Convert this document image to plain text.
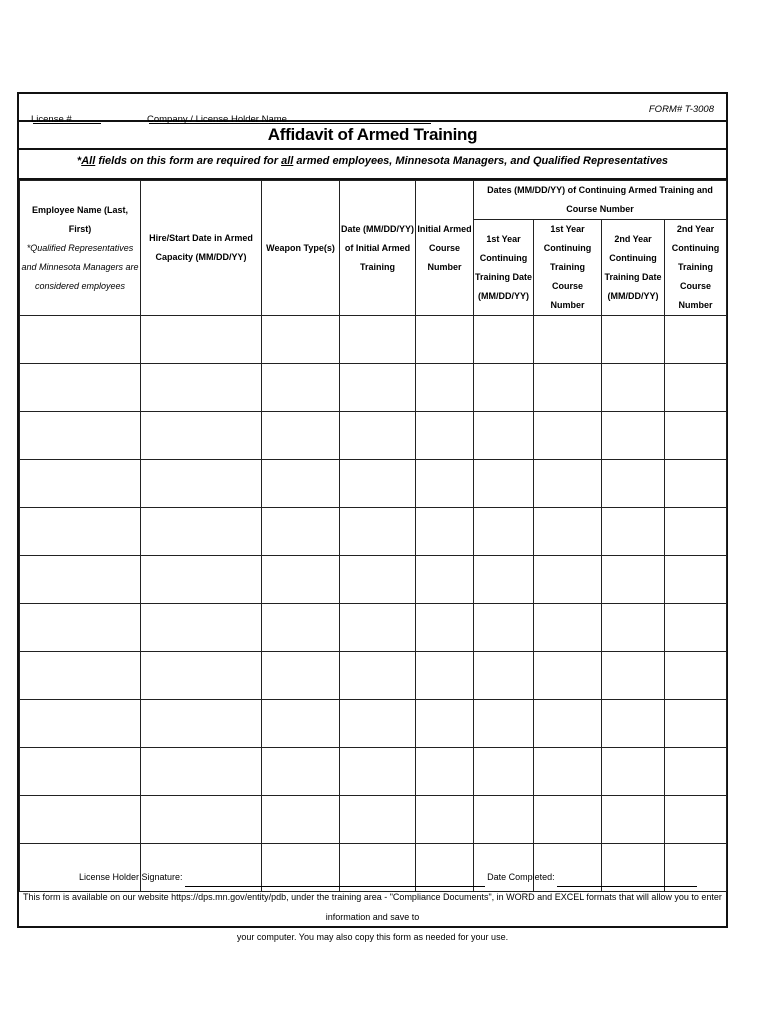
License #	Company / License Holder Name
FORM# T-3008
Affidavit of Armed Training
*All fields on this form are required for all armed employees, Minnesota Managers, and Qualified Representatives
Employee Name (Last, First)
*Qualified Representatives and Minnesota Managers are considered employees	Hire/Start Date in Armed Capacity (MM/DD/YY)	Weapon Type(s)	Date (MM/DD/YY) of Initial Armed Training	Initial Armed Course Number	Dates (MM/DD/YY) of Continuing Armed Training and Course Number			
					1st Year Continuing Training Date (MM/DD/YY)	1st Year Continuing Training Course Number	2nd Year Continuing Training Date (MM/DD/YY)	2nd Year Continuing Training Course Number

License Holder Signature:	Date Completed:
This form is available on our website https://dps.mn.gov/entity/pdb, under the training area - "Compliance Documents", in WORD and EXCEL formats that will allow you to enter information and save to
your computer. You may also copy this form as needed for your use.
